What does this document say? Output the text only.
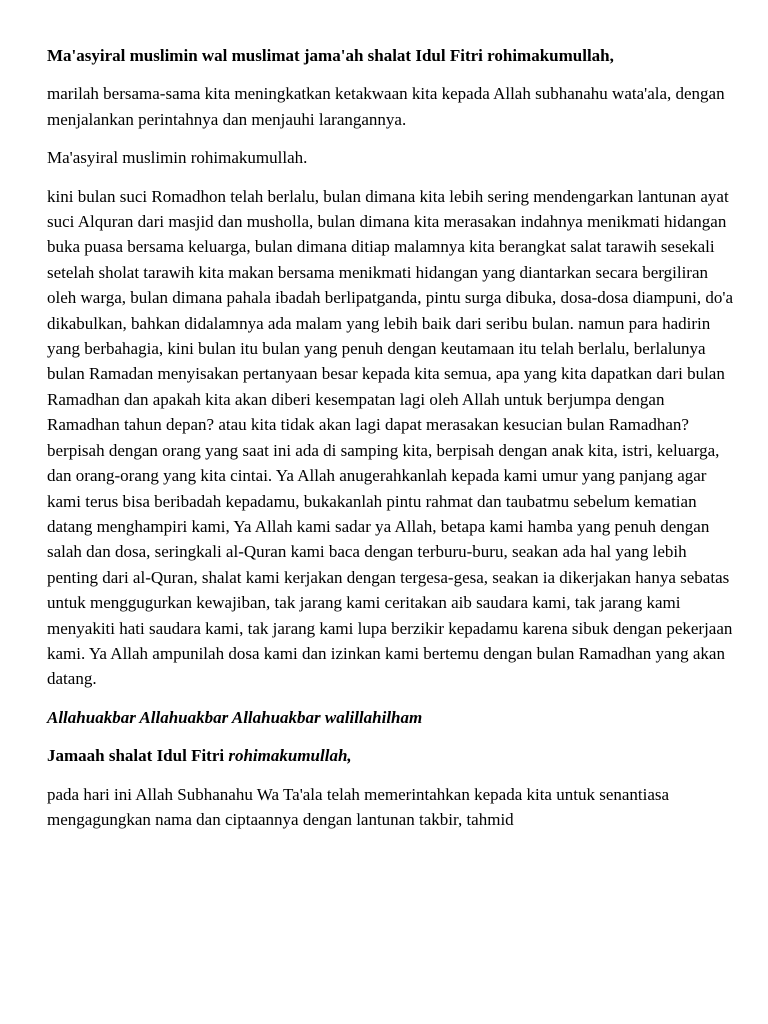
Ma'asyiral muslimin wal muslimat jama'ah shalat Idul Fitri rohimakumullah,

marilah bersama-sama kita meningkatkan ketakwaan kita kepada Allah subhanahu wata'ala, dengan menjalankan perintahnya dan menjauhi larangannya.

Ma'asyiral muslimin rohimakumullah.

kini bulan suci Romadhon telah berlalu, bulan dimana kita lebih sering mendengarkan lantunan ayat suci Alquran dari masjid dan musholla, bulan dimana kita merasakan indahnya menikmati hidangan buka puasa bersama keluarga, bulan dimana ditiap malamnya kita berangkat salat tarawih sesekali setelah sholat tarawih kita makan bersama menikmati hidangan yang diantarkan secara bergiliran oleh warga, bulan dimana pahala ibadah berlipatganda, pintu surga dibuka, dosa-dosa diampuni, do'a dikabulkan, bahkan didalamnya ada malam yang lebih baik dari seribu bulan. namun para hadirin yang berbahagia, kini bulan itu bulan yang penuh dengan keutamaan itu telah berlalu, berlalunya bulan Ramadan menyisakan pertanyaan besar kepada kita semua, apa yang kita dapatkan dari bulan Ramadhan dan apakah kita akan diberi kesempatan lagi oleh Allah untuk berjumpa dengan Ramadhan tahun depan? atau kita tidak akan lagi dapat merasakan kesucian bulan Ramadhan? berpisah dengan orang yang saat ini ada di samping kita, berpisah dengan anak kita, istri, keluarga, dan orang-orang yang kita cintai. Ya Allah anugerahkanlah kepada kami umur yang panjang agar kami terus bisa beribadah kepadamu, bukakanlah pintu rahmat dan taubatmu sebelum kematian datang menghampiri kami, Ya Allah kami sadar ya Allah, betapa kami hamba yang penuh dengan salah dan dosa, seringkali al-Quran kami baca dengan terburu-buru, seakan ada hal yang lebih penting dari al-Quran, shalat kami kerjakan dengan tergesa-gesa, seakan ia dikerjakan hanya sebatas untuk menggugurkan kewajiban, tak jarang kami ceritakan aib saudara kami, tak jarang kami menyakiti hati saudara kami, tak jarang kami lupa berzikir kepadamu karena sibuk dengan pekerjaan kami. Ya Allah ampunilah dosa kami dan izinkan kami bertemu dengan bulan Ramadhan yang akan datang.

Allahuakbar Allahuakbar Allahuakbar walillahilham

Jamaah shalat Idul Fitri rohimakumullah,

pada hari ini Allah Subhanahu Wa Ta'ala telah memerintahkan kepada kita untuk senantiasa mengagungkan nama dan ciptaannya dengan lantunan takbir, tahmid
